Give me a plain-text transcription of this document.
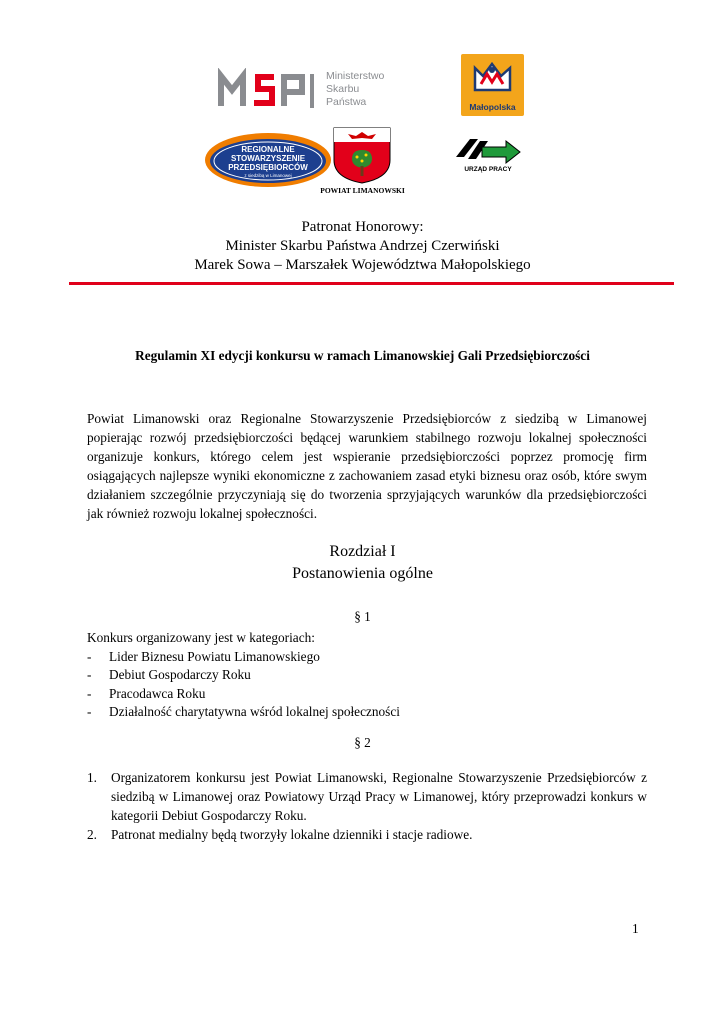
Ministerstwo
Skarbu
Państwa	Małopolska
REGIONALNE
STOWARZYSZENIE
PRZEDSIĘBIORCÓW
z siedzibą w Limanowej
POWIAT LIMANOWSKI
URZĄD PRACY
Patronat Honorowy:
Minister Skarbu Państwa Andrzej Czerwiński
Marek Sowa – Marszałek Województwa Małopolskiego
Regulamin XI edycji konkursu w ramach Limanowskiej Gali Przedsiębiorczości
Powiat Limanowski oraz Regionalne Stowarzyszenie Przedsiębiorców z siedzibą w Limanowej
popierając rozwój przedsiębiorczości będącej warunkiem stabilnego rozwoju lokalnej społeczności
organizuje konkurs, którego celem jest wspieranie przedsiębiorczości poprzez promocję firm
osiągających najlepsze wyniki ekonomiczne z zachowaniem zasad etyki biznesu oraz osób, które swym
działaniem szczególnie przyczyniają się do tworzenia sprzyjających warunków dla przedsiębiorczości
jak również rozwoju lokalnej społeczności.
Rozdział I
Postanowienia ogólne
§ 1
Konkurs organizowany jest w kategoriach:
-	Lider Biznesu Powiatu Limanowskiego
-	Debiut Gospodarczy Roku
-	Pracodawca Roku
-	Działalność charytatywna wśród lokalnej społeczności
§ 2
1.	Organizatorem konkursu jest Powiat Limanowski, Regionalne Stowarzyszenie Przedsiębiorców z
siedzibą w Limanowej oraz Powiatowy Urząd Pracy w Limanowej, który przeprowadzi konkurs w
kategorii Debiut Gospodarczy Roku.
2.	Patronat medialny będą tworzyły lokalne dzienniki i stacje radiowe.
1
